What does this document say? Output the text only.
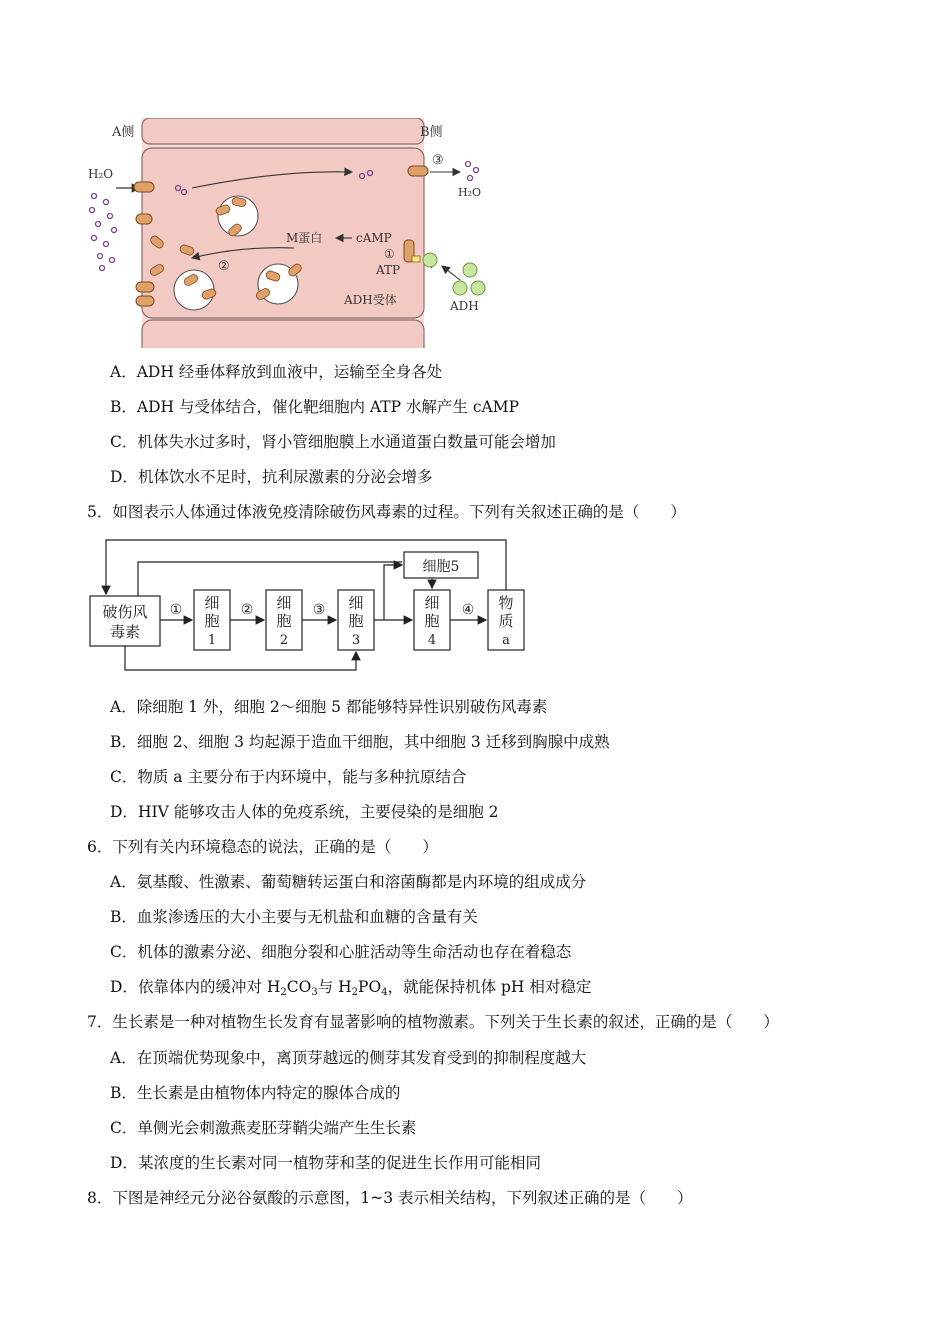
A侧	B侧
H₂O
③
H₂O
M蛋白	cAMP
②
①
ATP
ADH受体	ADH
A．ADH 经垂体释放到血液中，运输至全身各处
B．ADH 与受体结合，催化靶细胞内 ATP 水解产生 cAMP
C．机体失水过多时，肾小管细胞膜上水通道蛋白数量可能会增加
D．机体饮水不足时，抗利尿激素的分泌会增多
5．如图表示人体通过体液免疫清除破伤风毒素的过程。下列有关叙述正确的是（　　）
破伤风
毒素
细
胞
1
细
胞
2
细
胞
3
细
胞
4
物
质
a
细胞5
①	②	③	④
A．除细胞 1 外，细胞 2～细胞 5 都能够特异性识别破伤风毒素
B．细胞 2、细胞 3 均起源于造血干细胞，其中细胞 3 迁移到胸腺中成熟
C．物质 a 主要分布于内环境中，能与多种抗原结合
D．HIV 能够攻击人体的免疫系统，主要侵染的是细胞 2
6．下列有关内环境稳态的说法，正确的是（　　）
A．氨基酸、性激素、葡萄糖转运蛋白和溶菌酶都是内环境的组成成分
B．血浆渗透压的大小主要与无机盐和血糖的含量有关
C．机体的激素分泌、细胞分裂和心脏活动等生命活动也存在着稳态
D．依靠体内的缓冲对 $H_2CO_3$与 $H_2PO_4$，就能保持机体 pH 相对稳定
7．生长素是一种对植物生长发育有显著影响的植物激素。下列关于生长素的叙述，正确的是（　　）
A．在顶端优势现象中，离顶芽越远的侧芽其发育受到的抑制程度越大
B．生长素是由植物体内特定的腺体合成的
C．单侧光会刺激燕麦胚芽鞘尖端产生生长素
D．某浓度的生长素对同一植物芽和茎的促进生长作用可能相同
8．下图是神经元分泌谷氨酸的示意图，1~3 表示相关结构，下列叙述正确的是（　　）
